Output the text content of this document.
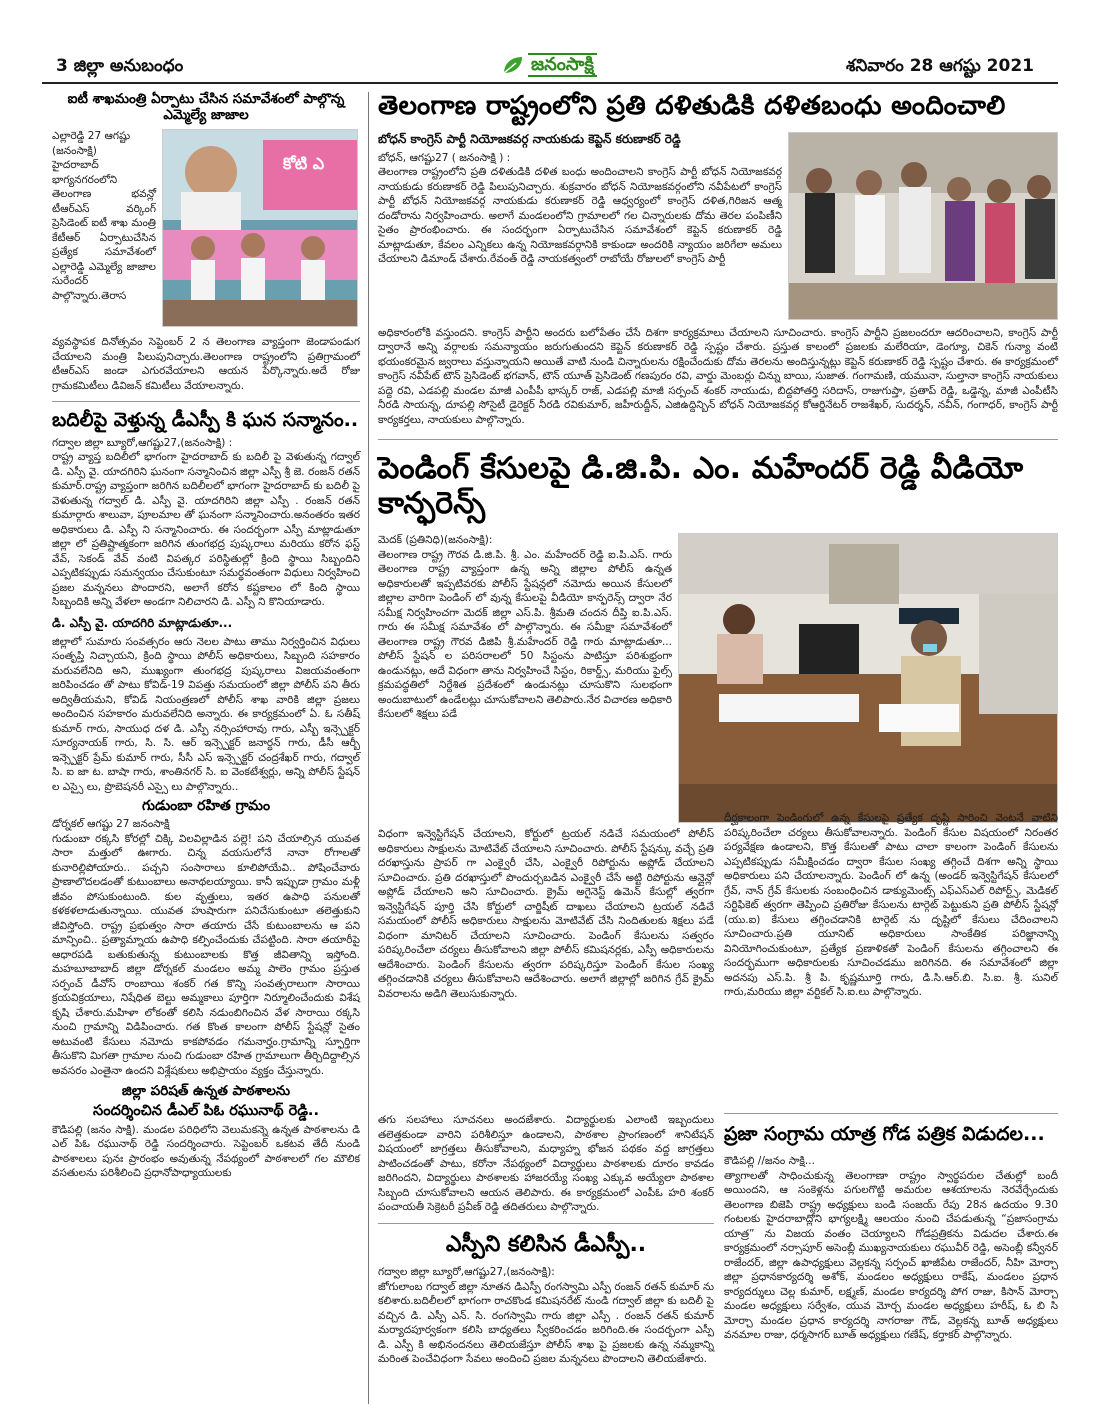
3 జిల్లా అనుబంధం	జనంసాక్షి	శనివారం 28 ఆగష్టు 2021
ఐటీ శాఖమంత్రి ఏర్పాటు చేసిన సమావేశంలో పాల్గొన్న ఎమ్మెల్యే జాజాల
ఎల్లారెడ్డి 27 ఆగష్టు (జనంసాక్షి)
హైదరాబాద్ భాగ్యనగరంలోని తెలంగాణ భవన్లో టీఆర్ఎస్ వర్కింగ్ ప్రెసిడెంట్ ఐటీ శాఖ మంత్రి కేటీఆర్ ఏర్పాటుచేసిన ప్రత్యేక సమావేశంలో ఎల్లారెడ్డి ఎమ్మెల్యే జాజాల సురేందర్ పాల్గొన్నారు.తెరాస
కోటి ఎ
వ్యవస్థాపక దినోత్సవం సెప్టెంబర్ 2 న తెలంగాణ వ్యాప్తంగా జెండాపండుగ చేయాలని మంత్రి పిలుపునిచ్చారు.తెలంగాణ రాష్ట్రంలోని ప్రతిగ్రామంలో టీఆర్ఎస్ జండా ఎగురవేయాలని ఆయన పేర్కొన్నారు.అదే రోజు గ్రామకమిటీలు డివిజన్ కమిటీలు వేయాలన్నారు.
బదిలీపై వెళ్తున్న డీఎస్పీ కి ఘన సన్మానం..
గద్వాల జిల్లా బ్యూరో,ఆగష్టు27,(జనంసాక్షి) :
రాష్ట్ర వ్యాప్త బదిలీలో భాగంగా హైదరాబాద్ కు బదిలీ పై వెళుతున్న గద్వాల్ డి. ఎస్పీ వై. యాదగిరిని ఘనంగా సన్మానించిన జిల్లా ఎస్పీ శ్రీ జె. రంజన్ రతన్ కుమార్.రాష్ట్ర వ్యాప్తంగా జరిగిన బదిలీలలో భాగంగా హైదరాబాద్ కు బదిలీ పై వెళుతున్న గద్వాల్ డి. ఎస్పీ వై. యాదగిరిని జిల్లా ఎస్పీ . రంజన్ రతన్ కుమార్గారు శాలువా, పూలమాల తో ఘనంగా సన్మానించారు.అనంతరం ఇతర అధికారులు డి. ఎస్పీ ని సన్మానించారు. ఈ సందర్భంగా ఎస్పీ మాట్లాడుతూ జిల్లా లో ప్రతిష్టాత్మకంగా జరిగిన తుంగభద్ర పుష్కరాలు మరియు కరోన ఫస్ట్ వేవ్, సెకండ్ వేవ్ వంటి విపత్కర పరిస్థితుల్లో క్రింది స్థాయి సిబ్బందిని ఎప్పటికప్పుడు సమన్వయం చేసుకుంటూ సమర్థవంతంగా విధులు నిర్వహించి ప్రజల మన్ననలు పొందారని, అలాగే కరోన కష్టకాలం లో కింది స్థాయి సిబ్బందికి అన్ని వేళలా అండగా నిలిచారని డి. ఎస్పీ ని కొనియాడారు.
డి. ఎస్పీ వై. యాదగిరి మాట్లాడుతూ...
జిల్లాలో సుమారు సంవత్సరం ఆరు నెలల పాటు తాము నిర్వర్తించిన విధులు సంతృప్తి నిచ్చాయని, క్రింది స్థాయి పోలీస్ అధికారులు, సిబ్బంది సహకారం మరువలేనిది అని, ముఖ్యంగా తుంగభద్ర పుష్కరాలు విజయవంతంగా జరిపించడం తో పాటు కోవిడ్-19 విపత్తు సమయంలో జిల్లా పోలీస్ పని తీరు అద్వితీయమని, కోవిడ్ నియంత్రణలో పోలీస్ శాఖ వారికి జిల్లా ప్రజలు అందించిన సహకారం మరువలేనిది అన్నారు. ఈ కార్యక్రమంలో ఏ. ఓ సతీష్ కుమార్ గారు, సాయుధ దళ డి. ఎస్పీ నర్సింహారావు గారు, ఎస్బీ ఇన్స్పెక్టర్ సూర్యనాయక్ గారు, సి. సి. ఆర్ ఇన్స్పెక్టర్ జనార్ధన్ గారు, డీసీ ఆర్బీ ఇన్స్పెక్టర్ ప్రేమ్ కుమార్ గారు, సీసీ ఎస్ ఇన్స్పెక్టర్ చంద్రశేఖర్ గారు, గద్వాల్ సి. ఐ జా ట. బాషా గారు, శాంతినగర్ సి. ఐ వెంకటేశ్వర్లు, అన్ని పోలీస్ స్టేషన్ ల ఎస్సై లు, ప్రొబెషనరీ ఎస్సై లు పాల్గొన్నారు..
గుడుంబా రహిత గ్రామం
డోర్నకల్ ఆగష్టు 27 జనంసాక్షి
గుడుంబా రక్కసి కోరల్లో చిక్కి విలవిల్లాడిన పల్లె! పని చేయాల్సిన యువత సారా మత్తులో ఊగారు. చిన్న వయసులోనే నానా రోగాలతో కునారిల్లిపోయారు.. పచ్చని సంసారాలు కూలిపోయేవి.. పోషించేవారు ప్రాణాలొదలడంతో కుటుంబాలు అనాథలయ్యాయి. కానీ ఇప్పుడా గ్రామం మళ్లీ జీవం పోసుకుంటుంది. కుల వృత్తులు, ఇతర ఉపాధి పనులతో కళకళలాడుతున్నాయి. యువత హుషారుగా పనిచేసుకుంటూ తలెత్తుకుని జీవిస్తోంది. రాష్ట్ర ప్రభుత్వం సారా తయారు చేసే కుటుంబాలను ఆ పని మాన్పించి.. ప్రత్యామ్నాయ ఉపాధి కల్పించేందుకు చేపట్టింది. సారా తయారీపై ఆధారపడి బతుకుతున్న కుటుంబాలకు కొత్త జీవితాన్ని ఇస్తోంది. మహబూబాబాద్ జిల్లా డోర్నకల్ మండలం అమ్మ పాలెం గ్రామం ప్రస్తుత సర్పంచ్ డీవోస్ రాంబాయి శంకర్ గత కొన్ని సంవత్సరాలుగా సారాయి క్రయవిక్రయాలు, నిషేధిత బెల్టు అమ్మకాలు పూర్తిగా నిర్మూలించేందుకు విశేష కృషి చేశారు.మహిళా లోకంతో కలిసి నడుంబిగించిన వేళ సారాయి రక్కసి నుంచి గ్రామాన్ని విడిపించారు. గత కొంత కాలంగా పోలీస్ స్టేషన్లో సైతం అటువంటి కేసులు నమోదు కాకపోవడం గమనార్హం.గ్రామాన్ని స్ఫూర్తిగా తీసుకొని మిగతా గ్రామాల నుంచి గుడుంబా రహిత గ్రామాలుగా తీర్చిదిద్దాల్సిన అవసరం ఎంతైనా ఉందని విశ్లేషకులు అభిప్రాయం వ్యక్తం చేస్తున్నారు.
జిల్లా పరిషత్ ఉన్నత పాఠశాలను
సందర్శించిన డీఎల్ పిఓ రఘునాథ్ రెడ్డి..
కౌడిపల్లి (జనం సాక్షి). మండల పరిధిలోని వెలుమకన్నె ఉన్నత పాఠశాలను డి ఎల్ పిఓ రఘునాథ్ రెడ్డి సందర్శించారు. సెప్టెంబర్ ఒకటవ తేదీ నుండి పాఠశాలలు పునః ప్రారంభం అవుతున్న నేపథ్యంలో పాఠశాలలో గల మౌలిక వసతులను పరిశీలించి ప్రధానోపాధ్యాయులకు
తెలంగాణ రాష్ట్రంలోని ప్రతి దళితుడికి దళితబంధు అందించాలి
బోధన్ కాంగ్రెస్ పార్టీ నియోజకవర్గ నాయకుడు కెప్టెన్ కరుణాకర్ రెడ్డి
బోధన్, ఆగష్టు27 ( జనంసాక్షి ) :
తెలంగాణ రాష్ట్రంలోని ప్రతి దళితుడికి దళిత బంధు అందించాలని కాంగ్రెస్ పార్టీ బోధన్ నియోజకవర్గ నాయకుడు కరుణాకర్ రెడ్డి పిలుపునిచ్చారు. శుక్రవారం బోధన్ నియోజకవర్గంలోని నవీపేటలో కాంగ్రెస్ పార్టీ బోధన్ నియోజకవర్గ నాయకుడు కరుణాకర్ రెడ్డి ఆధ్వర్యంలో కాంగ్రెస్ దళిత,గిరిజన ఆత్మ దండోరాను నిర్వహించారు. అలాగే మండలంలోని గ్రామాలలో గల చిన్నారులకు దోమ తెరల పంపిణీని సైతం ప్రారంభించారు. ఈ సందర్భంగా ఏర్పాటుచేసిన సమావేశంలో కెప్టెన్ కరుణాకర్ రెడ్డి మాట్లాడుతూ, కేవలం ఎన్నికలు ఉన్న నియోజకవర్గానికి కాకుండా అందరికి న్యాయం జరిగేలా అమలు చేయాలని డిమాండ్ చేశారు.రేవంత్ రెడ్డి నాయకత్వంలో రాబోయే రోజులలో కాంగ్రెస్ పార్టీ
అధికారంలోకి వస్తుందని. కాంగ్రెస్ పార్టీని అందరు బలోపేతం చేసే దిశగా కార్యక్రమాలు చేయాలని సూచించారు. కాంగ్రెస్ పార్టీని ప్రజలందరూ ఆదరించాలని, కాంగ్రెస్ పార్టీ ద్వారానే అన్ని వర్గాలకు సమన్యాయం జరుగుతుందని కెప్టెన్ కరుణాకర్ రెడ్డి స్పష్టం చేశారు. ప్రస్తుత కాలంలో ప్రజలకు మలేరియా, డెంగ్యూ, చికెన్ గున్యా వంటి భయంకరమైన జ్వరాలు వస్తున్నాయని అయితే వాటి నుండి చిన్నారులను రక్షించేందుకు దోమ తెరలను అందిస్తున్నట్లు కెప్టెన్ కరుణాకర్ రెడ్డి స్పష్టం చేశారు. ఈ కార్యక్రమంలో కాంగ్రెస్ నవీపేట్ టౌన్ ప్రెసిడెంట్ భగవాన్, టౌన్ యూత్ ప్రెసిడెంట్ గణపురం రవి, వార్డు మెంబర్లు చిన్ను బాయి, సుజాత. గంగామణి, యమునా, సుల్తానా కాంగ్రెస్ నాయకులు పద్దె రవి, ఎడపల్లి మండల మాజీ ఎంపీపీ భాస్కర్ రాజ్, ఎడపల్లి మాజీ సర్పంచ్ శంకర్ నాయుడు, బిద్దపోతర్తి సరిదాస్, రాజుగుప్తా, ప్రతాప్ రెడ్డి, ఒడ్డెన్న, మాజీ ఎంపీటీసి నీరడి సాయన్న, దూపల్లి సోసైటీ డైరెక్టర్ నీరడి రవికుమార్, జహీరుద్దీన్, ఎజిఉద్దిన్బిన్ బోధన్ నియోజకవర్గ కోఆర్డినేటర్ రాజశేఖర్, సుదర్శన్, నవీన్, గంగాధర్, కాంగ్రెస్ పార్టీ కార్యకర్తలు, నాయకులు పాల్గొన్నారు.
పెండింగ్ కేసులపై డి.జి.పి. ఎం. మహేందర్ రెడ్డి వీడియో కాన్ఫరెన్స్
మెదక్ (ప్రతినిధి)(జనంసాక్షి):
తెలంగాణ రాష్ట్ర గౌరవ డి.జి.పి. శ్రీ. ఎం. మహేందర్ రెడ్డి ఐ.పి.ఎస్. గారు తెలంగాణ రాష్ట్ర వ్యాప్తంగా ఉన్న అన్ని జిల్లాల పోలీస్ ఉన్నత అధికారులతో ఇప్పటివరకు పోలీస్ స్టేషన్లలో నమోదు అయిన కేసులలో జిల్లాల వారిగా పెండింగ్ లో వున్న కేసులపై వీడియో కాన్ఫరెన్స్ ద్వారా నేర సమీక్ష నిర్వహించగా మెదక్ జిల్లా ఎస్.పి. శ్రీమతి చందన దీప్తి ఐ.పి.ఎస్. గారు ఈ సమీక్ష సమావేశం లో పాల్గొన్నారు. ఈ సమీక్షా సమావేశంలో తెలంగాణ రాష్ట్ర గౌరవ డిజిపి శ్రీ.మహేందర్ రెడ్డి గారు మాట్లాడుతూ... పోలీస్ స్టేషన్ ల పరిసరాలలో 50 సిస్టంను పాటిస్తూ పరిశుభ్రంగా ఉండునట్లు, అదే విధంగా తాను నిర్వహించే సిస్టం, రికార్డ్స్, మరియు ఫైల్స్ క్రమపద్ధతిలో నిర్దేశిత ప్రదేశంలో ఉండునట్లు చూసుకొని సులభంగా అందుబాటులో ఉండేలట్లు చూసుకోవాలని తెలిపారు.నేర విచారణ అధికారి కేసులలో శిక్షలు పడే
విధంగా ఇన్వెస్టిగేషన్ చేయాలని, కోర్టులో ట్రయల్ నడిచే సమయంలో పోలీస్ అధికారులు సాక్షులను మోటివేట్ చేయాలని సూచించారు. పోలీస్ స్టేషన్కు వచ్చే ప్రతి దరఖాస్తును ప్రాపర్ గా ఎంక్వైరీ చేసి, ఎంక్వైరీ రిపోర్టును అప్లోడ్ చేయాలని సూచించారు. ప్రతి దరఖాస్తులో పొందుర్చబడిన ఎంక్వైరీ చేసే అట్టి రిపోర్టును ఆన్లైన్లో అప్లోడ్ చేయాలని అని సూచించారు. క్రైమ్ అగైనెస్ట్ ఉమెన్ కేసుల్లో త్వరగా ఇన్వెస్టిగేషన్ పూర్తి చేసి కోర్టులో చార్జిషీట్ దాఖలు చేయాలని ట్రయల్ నడిచే సమయంలో పోలీస్ అధికారులు సాక్షులను మోటివేట్ చేసి నిందితులకు శిక్షలు పడే విధంగా మానిటర్ చేయాలని సూచించారు. పెండింగ్ కేసులను సత్వరం పరిష్కరించేలా చర్యలు తీసుకోవాలని జిల్లా పోలీస్ కమిషనర్లకు, ఎస్పీ అధికారులను ఆదేశించారు. పెండింగ్ కేసులను త్వరగా పరిష్కరిస్తూ పెండింగ్ కేసుల సంఖ్య తగ్గించడానికి చర్యలు తీసుకోవాలని ఆదేశించారు. అలాగే జిల్లాల్లో జరిగిన గ్రేవ్ క్రైమ్ వివరాలను అడిగి తెలుసుకున్నారు.
దీర్ఘకాలంగా పెండింగులో ఉన్న కేసులపై ప్రత్యేక దృష్టి సారించి వెంటనే వాటిని పరిష్కరించేలా చర్యలు తీసుకోవాలన్నారు. పెండింగ్ కేసుల విషయంలో నిరంతర పర్యవేక్షణ ఉండాలని, కొత్త కేసులతో పాటు చాలా కాలంగా పెండింగ్ కేసులను ఎప్పటికప్పుడు సమీక్షించడం ద్వారా కేసుల సంఖ్య తగ్గించే దిశగా అన్ని స్థాయి అధికారులు పని చేయాలన్నారు. పెండింగ్ లో ఉన్న (అండర్ ఇన్వెస్టిగేషన్ కేసులలో గ్రేవ్, నాన్ గ్రేవ్ కేసులకు సంబంధించిన డాక్యుమెంట్స్ ఎఫ్ఎస్ఎల్ రిపోర్ట్స్, మెడికల్ సర్టిఫికెట్ త్వరగా తెప్పించి ప్రతిరోజు కేసులను టార్గెట్ పెట్టుకుని ప్రతి పోలీస్ స్టేషన్లో (యు.ఐ) కేసులు తగ్గించడానికి టార్గెట్ ను దృష్టిలో కేసులు చేదించాలని సూచించారు.ప్రతి యూనిట్ అధికారులు సాంకేతిక పరిజ్ఞానాన్ని వినియోగించుకుంటూ, ప్రత్యేక ప్రణాళికతో పెండింగ్ కేసులను తగ్గించాలని ఈ సందర్భముగా అధికారులకు సూచించడము జరిగినది. ఈ సమావేశంలో జిల్లా అదనపు ఎస్.పి. శ్రీ పి. కృష్ణమూర్తి గారు, డి.సి.ఆర్.బి. సి.ఐ. శ్రీ. సునిల్ గారు,మరియు జిల్లా వర్టికల్ సి.ఐ.లు పాల్గొన్నారు.
తగు సలహాలు సూచనలు అందజేశారు. విద్యార్థులకు ఎలాంటి ఇబ్బందులు తలెత్తకుండా వారిని పరిశీలిస్తూ ఉండాలని, పాఠశాల ప్రాంగణంలో శానిటేషన్ విషయంలో జాగ్రత్తలు తీసుకోవాలని, మధ్యాహ్న భోజన పథకం వద్ద జాగ్రత్తలు పాటించడంతో పాటు, కరోనా నేపథ్యంలో విద్యార్థులు పాఠశాలకు దూరం కావడం జరిగిందని, విద్యార్థులు పాఠశాలకు హాజరయ్యే సంఖ్య ఎక్కువ అయ్యేలా పాఠశాల సిబ్బంది చూసుకోవాలని ఆయన తెలిపారు. ఈ కార్యక్రమంలో ఎంపీఓ హరి శంకర్ పంచాయతీ సెక్రెటరీ ప్రవీణ్ రెడ్డి తదితరులు పాల్గొన్నారు.
ఎస్పీని కలిసిన డీఎస్పీ..
గద్వాల జిల్లా బ్యూరో,ఆగష్టు27,(జనంసాక్షి):
జోగులాంబ గద్వాల్ జిల్లా నూతన డిఎస్పీ రంగస్వామి ఎస్పీ రంజన్ రతన్ కుమార్ ను కలిశారు.బదిలీలలో భాగంగా రాచకొండ కమిషనరేట్ నుండి గద్వాల్ జిల్లా కు బదిలీ పై వచ్చిన డి. ఎస్పీ ఎన్. సి. రంగస్వామి గారు జిల్లా ఎస్పీ . రంజన్ రతన్ కుమార్ మర్యాదపూర్వకంగా కలిసి బాధ్యతలు స్వీకరించడం జరిగింది.ఈ సందర్భంగా ఎస్పీ డి. ఎస్పీ కి అభినందనలు తెలియజేస్తూ పోలీస్ శాఖ పై ప్రజలకు ఉన్న నమ్మకాన్ని మరింత పెంచేవిధంగా సేవలు అందించి ప్రజల మన్ననలు పొందాలని తెలియజేశారు.
ప్రజా సంగ్రామ యాత్ర గోడ పత్రిక విడుదల...
కౌడిపల్లి //జనం సాక్షి...
త్యాగాలతో సాధించుకున్న తెలంగాణా రాష్ట్రం స్వార్థపరుల చేతుల్లో బందీ అయిందని, ఆ సంకెళ్లను పగులగొట్టి అమరుల ఆశయాలను నెరవేర్చేందుకు తెలంగాణ బిజెపి రాష్ట్ర అధ్యక్షులు బండి సంజయ్ రేపు 28న ఉదయం 9.30 గంటలకు హైదరాబాద్లోని భాగ్యలక్ష్మి ఆలయం నుంచి చేపడుతున్న “ప్రజాసంగ్రామ యాత్ర” ను విజయ వంతం చెయ్యాలని గోడప్రత్రికను విడుదల చేశారు.ఈ కార్యక్రమంలో నర్సాపూర్ అసెంబ్లీ ముఖ్యనాయకులు రఘువీర్ రెడ్డి, అసెంబ్లీ కన్వీనర్ రాజేందర్, జిల్లా ఉపాధ్యక్షులు వెల్లకన్న సర్పంచ్ ఖాజీపేట రాజేందర్, నీహి మోర్చా జిల్లా ప్రధానకార్యదర్శి అశోక్, మండలం అధ్యక్షులు రాకేష్, మండలం ప్రధాన కార్యదర్శులు చెల్ల కుమార్, లక్ష్మణ్, మండల కార్యదర్శి పోగ రాజు, కిసాన్ మోర్చా మండల అధ్యక్షులు సర్వేశం, యువ మోర్చ మండల అధ్యక్షులు హరీష్, ఓ బి సి మోర్చా మండల ప్రధాన కార్యదర్శి నాగరాజు గౌడ్, వెల్లకన్న బూత్ అధ్యక్షులు వనమాల రాజు, ధర్మసాగర్ బూత్ అధ్యక్షులు గణేష్, కర్తాకర్ పాల్గొన్నారు.
